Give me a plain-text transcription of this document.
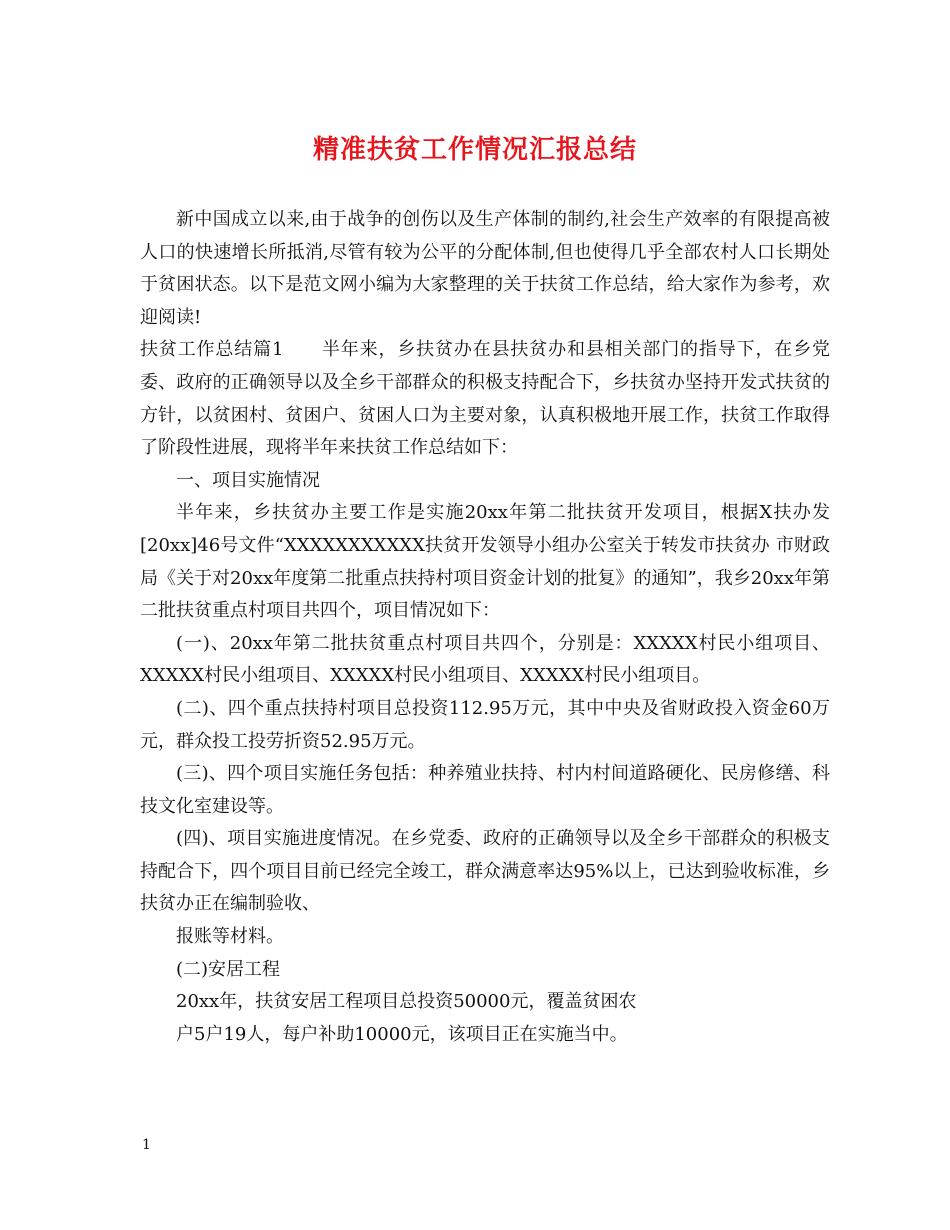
精准扶贫工作情况汇报总结

新中国成立以来,由于战争的创伤以及生产体制的制约,社会生产效率的有限提高被人口的快速增长所抵消,尽管有较为公平的分配体制,但也使得几乎全部农村人口长期处于贫困状态。以下是范文网小编为大家整理的关于扶贫工作总结，给大家作为参考，欢迎阅读!

扶贫工作总结篇1　　半年来，乡扶贫办在县扶贫办和县相关部门的指导下，在乡党委、政府的正确领导以及全乡干部群众的积极支持配合下，乡扶贫办坚持开发式扶贫的方针，以贫困村、贫困户、贫困人口为主要对象，认真积极地开展工作，扶贫工作取得了阶段性进展，现将半年来扶贫工作总结如下：

一、项目实施情况

半年来，乡扶贫办主要工作是实施20xx年第二批扶贫开发项目，根据X扶办发[20xx]46号文件“XXXXXXXXXXX扶贫开发领导小组办公室关于转发市扶贫办 市财政局《关于对20xx年度第二批重点扶持村项目资金计划的批复》的通知”，我乡20xx年第二批扶贫重点村项目共四个，项目情况如下：

(一)、20xx年第二批扶贫重点村项目共四个，分别是：XXXXX村民小组项目、XXXXX村民小组项目、XXXXX村民小组项目、XXXXX村民小组项目。

(二)、四个重点扶持村项目总投资112.95万元，其中中央及省财政投入资金60万元，群众投工投劳折资52.95万元。

(三)、四个项目实施任务包括：种养殖业扶持、村内村间道路硬化、民房修缮、科技文化室建设等。

(四)、项目实施进度情况。在乡党委、政府的正确领导以及全乡干部群众的积极支持配合下，四个项目目前已经完全竣工，群众满意率达95%以上，已达到验收标准，乡扶贫办正在编制验收、

报账等材料。

(二)安居工程

20xx年，扶贫安居工程项目总投资50000元，覆盖贫困农

户5户19人，每户补助10000元，该项目正在实施当中。

1
